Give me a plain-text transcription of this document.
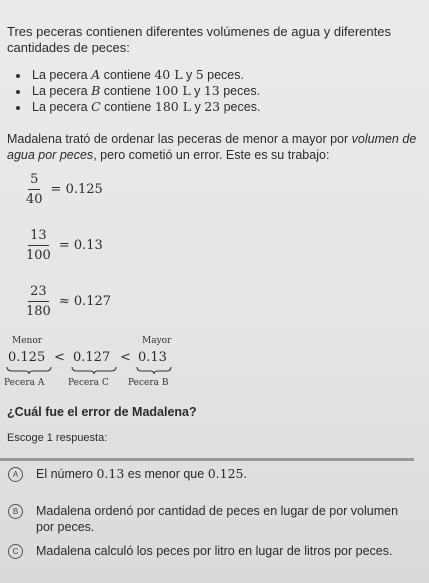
Tres peceras contienen diferentes volúmenes de agua y diferentes cantidades de peces:
La pecera A contiene 40 L y 5 peces.
La pecera B contiene 100 L y 13 peces.
La pecera C contiene 180 L y 23 peces.
Madalena trató de ordenar las peceras de menor a mayor por volumen de agua por peces, pero cometió un error. Este es su trabajo:
$\frac{5}{40} = 0.125$
$\frac{13}{100} = 0.13$
$\frac{23}{180} \approx 0.127$
Menor	Mayor
0.125 < 0.127 < 0.13
Pecera A	Pecera C Pecera B
¿Cuál fue el error de Madalena?
Escoge 1 respuesta:
A	El número 0.13 es menor que 0.125.
B	Madalena ordenó por cantidad de peces en lugar de por volumen por peces.
C	Madalena calculó los peces por litro en lugar de litros por peces.
